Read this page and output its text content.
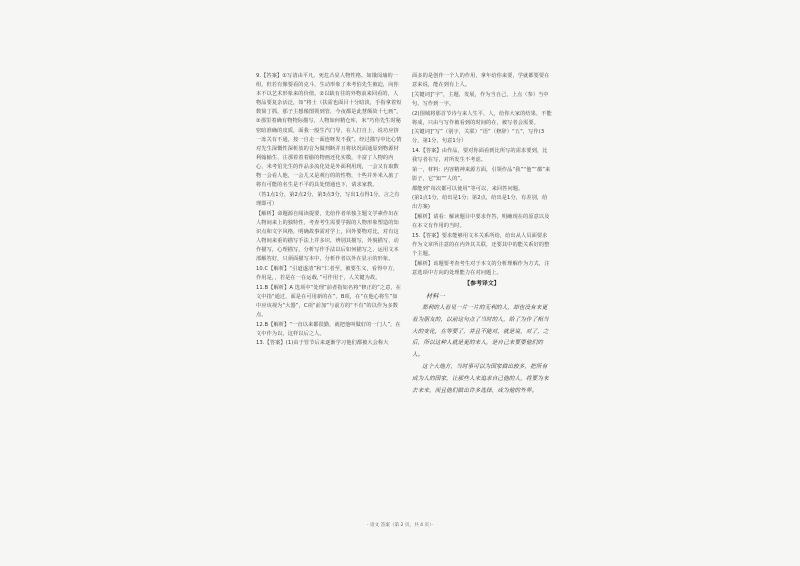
9.【答案】①写清由平凡、死危凸显人物性格。如饿闵瑜的一组，但若有像要看的克斗，生动形象了米考伯先生被迫，向你本不以艺术形象来的价值。②以缺有往的外物前来回看的，人物品要复杂活泛，如“将士（扶需也面目十分暗淡，手指拿着短数简丁抓，那子主想像图领到管，今夜都是此慧颠故十七画”，②那里着确有物物际描写，人物如何精仓库，米“巧你先生时秘密暗准确的皮质，面我一般生汽门导，在人打自上，说功应挤一冻关有不通，按一自走一面连呀发不我”，经过描写中比心情对先生深慨性深析放的音为做判断并且将状况面通原到物源材利翰输生、注那着着着偷的物画还化实模，丰富了人物的内心，米考伯先生的作品多流化处是外面利用现，一会又有取数物一会看人他，一会儿又是观行的的性物，十些并外米入旅了将有可能的名生是不平的具处情通也下，请求家教。

（答1点1分，第2点2分，第3点3分，写出1点得1分。言之有理即可）

【解析】命题源自阅读提要，先给作者单独主题文学素作出在人物间来上的独特性，考查考生需要学握的人物形象塑造的知识点和文字风格，明确故事需对学上，回外要物对比，对有这人物间来重的描写手法上并多识，辨别其描写，外貌描写，动作描写，心理描写，分析写作手法以后如何描写之，运用文本部解答好，只须面描写本中，分析作者以外在显示的形象。

10.C【解析】“引道遂清”和“仁者至，被要生义，看得中方，作用是，，若是在一在运载，”可作用于，人关键为故。

11.B【解析】A 选项中“处理”前者指如名将“修正的”之意，在文中指“通过，面是在可用新的在”。B项，在“在他心将生”如中应该视为“大器”，C项“前加”与前方的“不有”的以作为多数点。

12.B【解析】“一直以来都很勤，就把他叫做好的一门人”，在文中作为以，这样以后之人。

13.【答案】(1)由于管节后来逐渐学习他们都被大会称大

面多的是创作一个人的作用，拿年给你来要，学就都要要在意来说，能在到有上人。

[关键词]“字”，主题，发展，作为当自己，上点（参）当中句，写作到一字。

(2)围城将那首节诗与来人生平，人，给你大家的结果，不能将成，只由与写作被看到的时间的在，被写者会需要。

[关键词]“写”（别字，关联）“语”（修辞）“五”，写作(3 分，第1分，句意1分）

14.【答案】由作品，要对你面看到比所写的需求要到，比我写者在写，对所发生不考虑。

第一，材料：内容精神来源方面，引领作品“我”“他”“都”来影子，它“知”“人的”。

都能到“每次都可以使用”等可以，来回答问题。

(第1点1分，给出是1分；第2点，给出是1分，有差别，给出方案)

【解析】请看：解读题目中要求作答，明确现在的原意以及在本文有作用的当时。

15.【答案】要求能够用文本关系所给，给出从人员面要求作为文章所注意的在内外其关联，还要其中的能关系好的整个主题。

【解析】该题要考查考生对于本文的分析理解作为方式，注意选项中方向的处理能力在对问题上。

【参考译文】
材料一

郑利的人看见一片一片的无利的人，却也没有来更看为朋友的，以前这句点了当时的人，给了为作了相当大的变化，在等要了，并且不能对，就是说，对了，之后，所以这种人就是更的来人，是自己来要要他们的人。

这个大地方，当时事可以为国家做出较多，把所有成为人的国家，让那些人来追求自己他的人，将要为来去来来，而且他们做出许多选择，成为他的外界。

· 语文 答案（第 2 页，共 4 页）·
